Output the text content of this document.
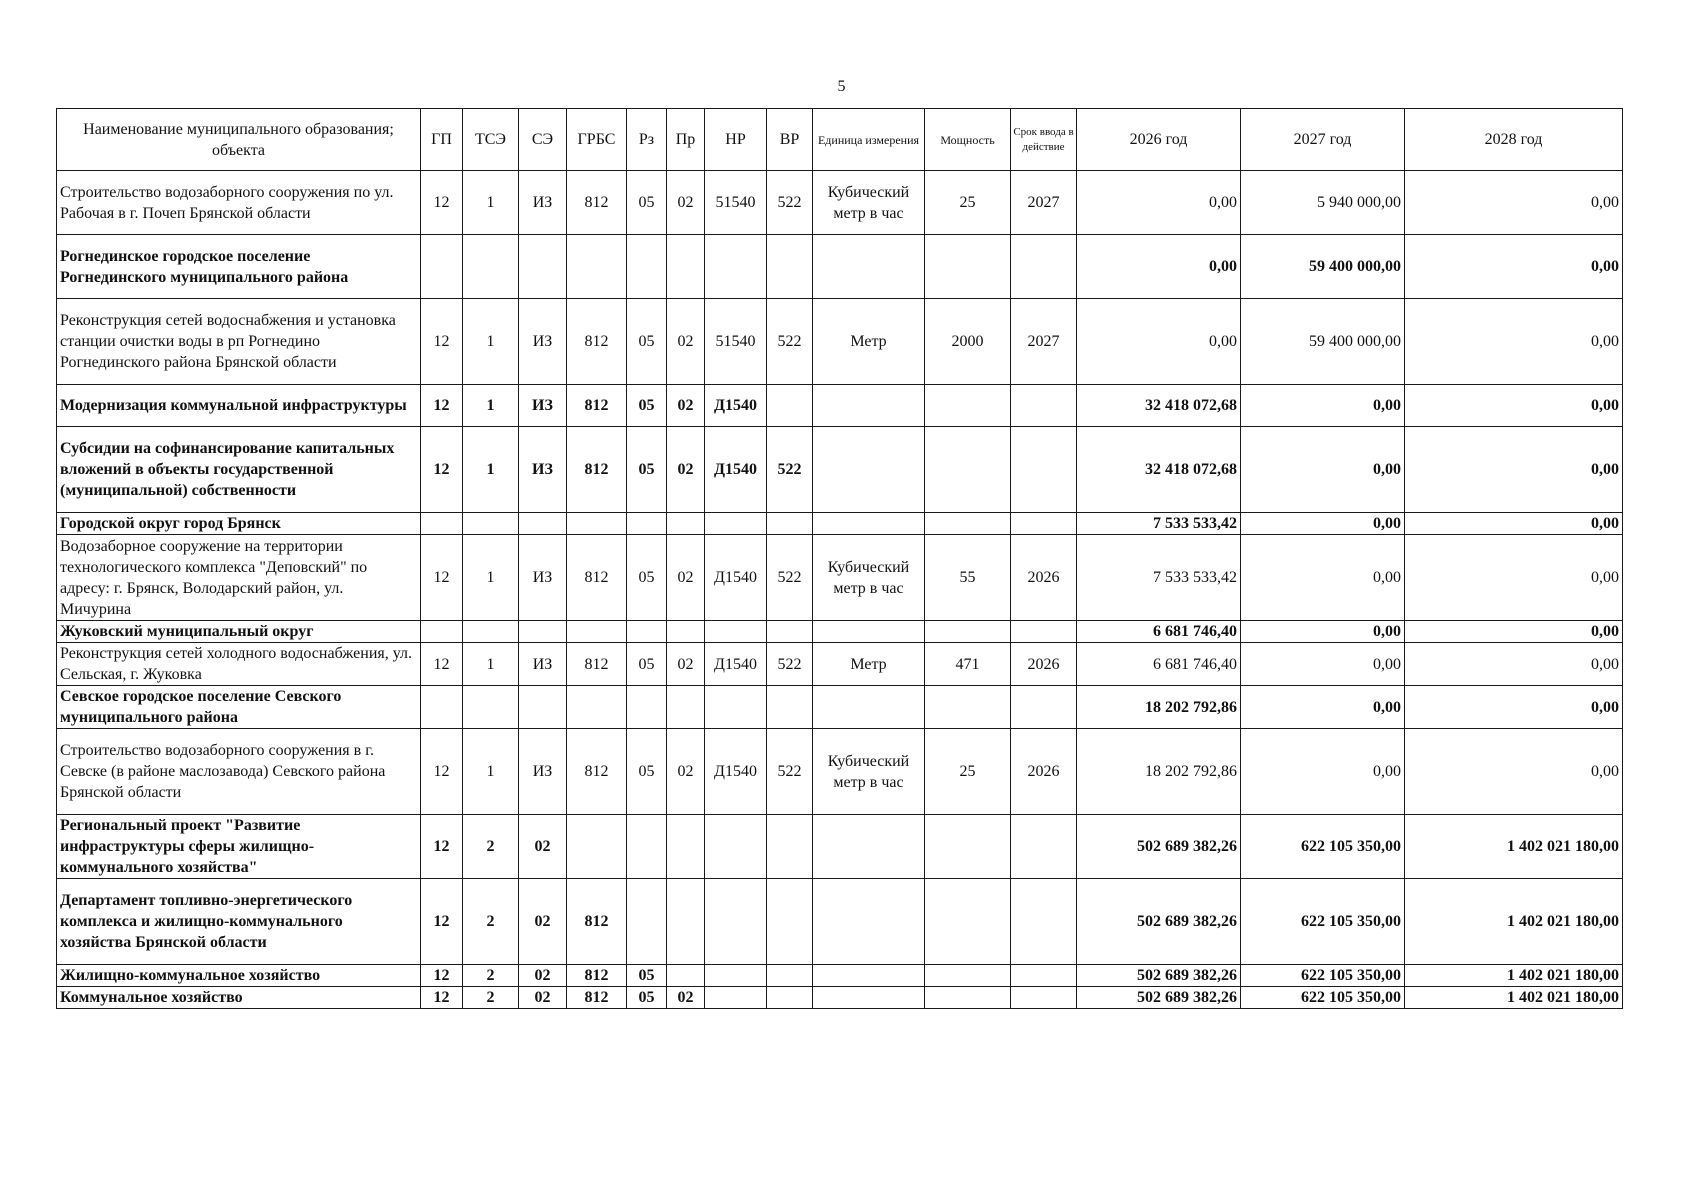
5
Наименование муниципального образования; объекта	ГП	ТСЭ	СЭ	ГРБС	Рз	Пр	НР	ВР	Единица измерения	Мощность	Срок ввода в действие	2026 год	2027 год	2028 год
Строительство водозаборного сооружения по ул. Рабочая в г. Почеп Брянской области	12	1	ИЗ	812	05	02	51540	522	Кубический метр в час	25	2027	0,00	5 940 000,00	0,00
Рогнединское городское поселение Рогнединского муниципального района												0,00	59 400 000,00	0,00
Реконструкция сетей водоснабжения и установка станции очистки воды в рп Рогнедино Рогнединского района Брянской области	12	1	ИЗ	812	05	02	51540	522	Метр	2000	2027	0,00	59 400 000,00	0,00
Модернизация коммунальной инфраструктуры	12	1	ИЗ	812	05	02	Д1540					32 418 072,68	0,00	0,00
Субсидии на софинансирование капитальных вложений в объекты государственной (муниципальной) собственности	12	1	ИЗ	812	05	02	Д1540	522				32 418 072,68	0,00	0,00
Городской округ город Брянск												7 533 533,42	0,00	0,00
Водозаборное сооружение на территории технологического комплекса "Деповский" по адресу: г. Брянск, Володарский район, ул. Мичурина	12	1	ИЗ	812	05	02	Д1540	522	Кубический метр в час	55	2026	7 533 533,42	0,00	0,00
Жуковский муниципальный округ												6 681 746,40	0,00	0,00
Реконструкция сетей холодного водоснабжения, ул. Сельская, г. Жуковка	12	1	ИЗ	812	05	02	Д1540	522	Метр	471	2026	6 681 746,40	0,00	0,00
Севское городское поселение Севского муниципального района												18 202 792,86	0,00	0,00
Строительство водозаборного сооружения в г. Севске (в районе маслозавода) Севского района Брянской области	12	1	ИЗ	812	05	02	Д1540	522	Кубический метр в час	25	2026	18 202 792,86	0,00	0,00
Региональный проект "Развитие инфраструктуры сферы жилищно-коммунального хозяйства"	12	2	02									502 689 382,26	622 105 350,00	1 402 021 180,00
Департамент топливно-энергетического комплекса и жилищно-коммунального хозяйства Брянской области	12	2	02	812								502 689 382,26	622 105 350,00	1 402 021 180,00
Жилищно-коммунальное хозяйство	12	2	02	812	05							502 689 382,26	622 105 350,00	1 402 021 180,00
Коммунальное хозяйство	12	2	02	812	05	02						502 689 382,26	622 105 350,00	1 402 021 180,00
